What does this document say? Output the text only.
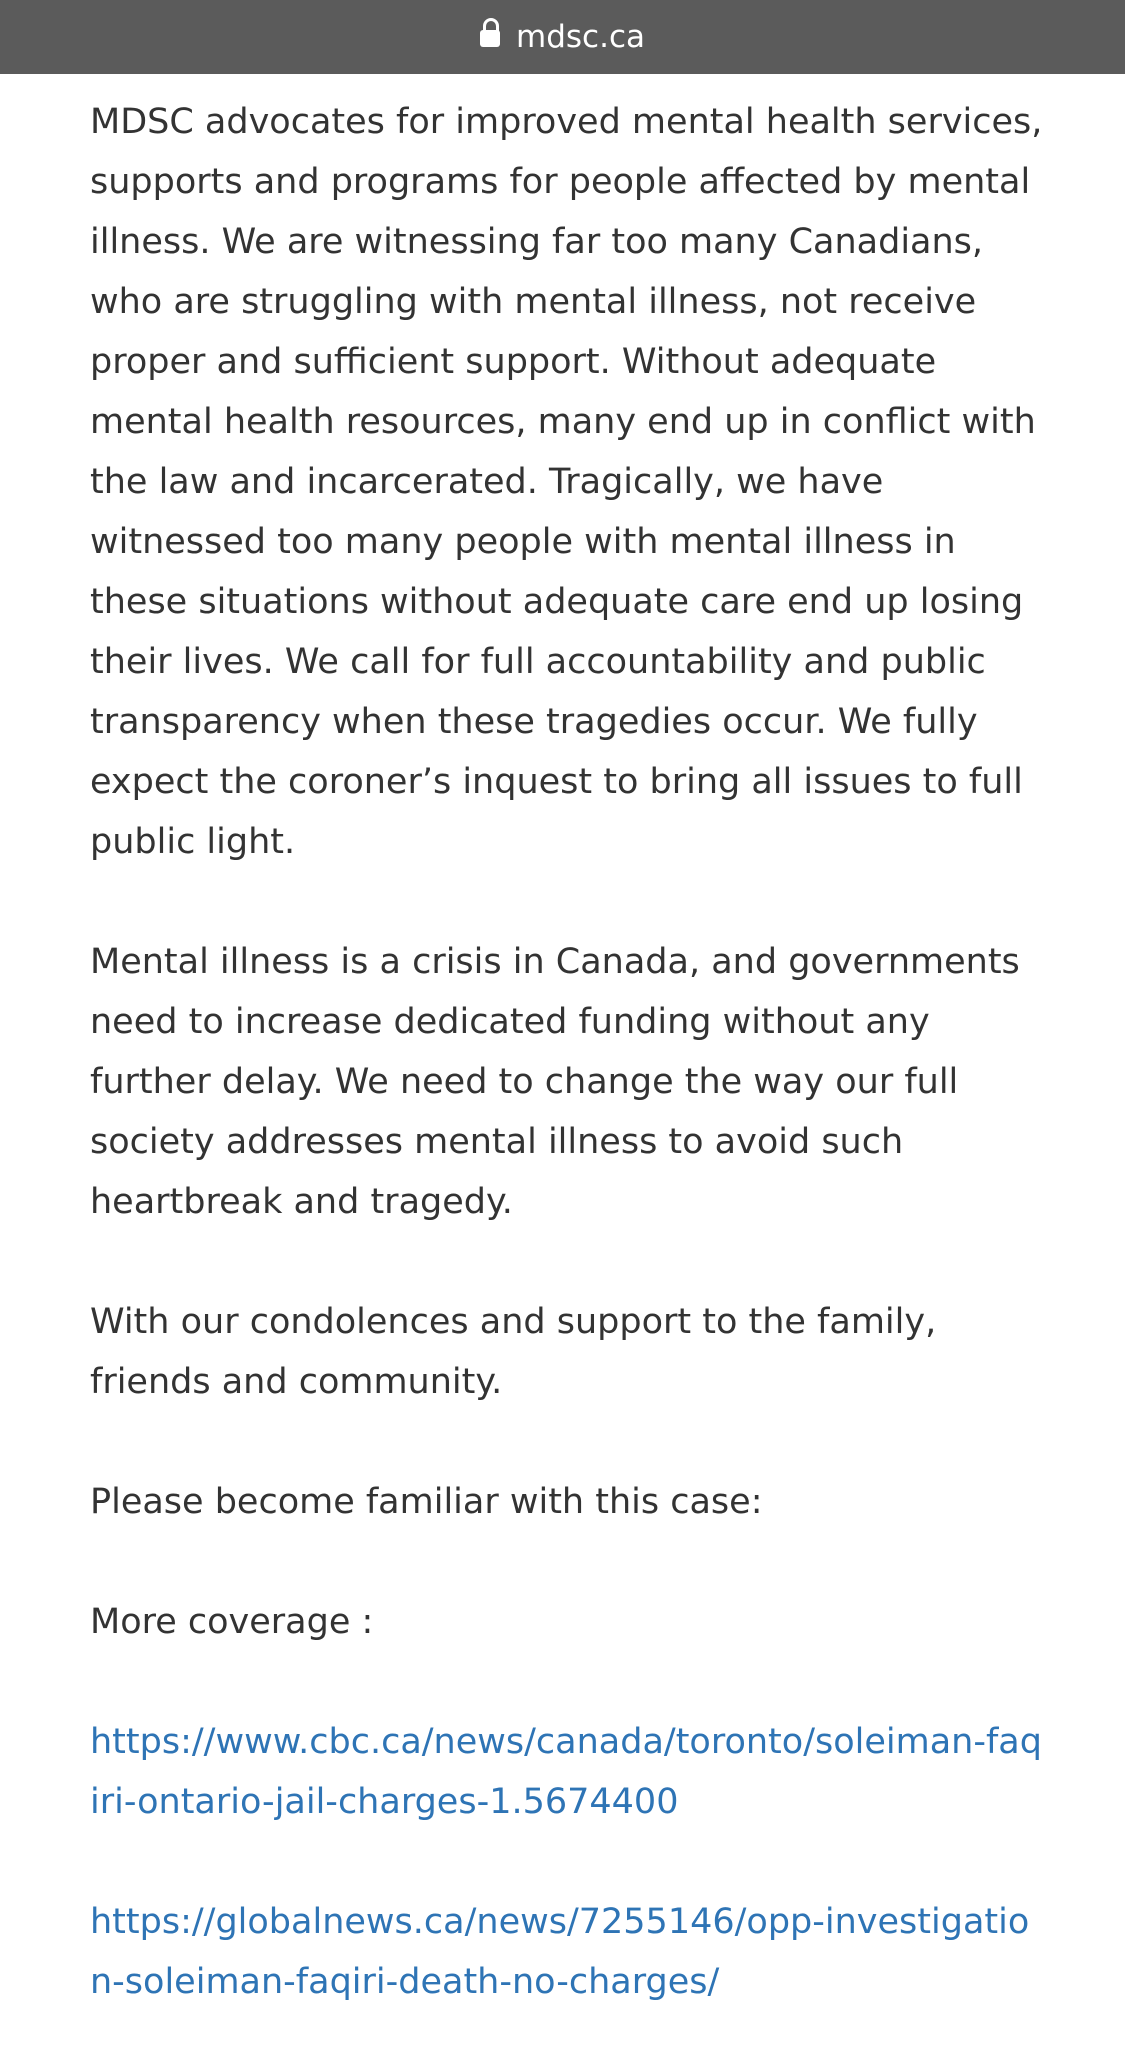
mdsc.ca

MDSC advocates for improved mental health services, supports and programs for people affected by mental illness. We are witnessing far too many Canadians, who are struggling with mental illness, not receive proper and sufficient support. Without adequate mental health resources, many end up in conflict with the law and incarcerated. Tragically, we have witnessed too many people with mental illness in these situations without adequate care end up losing their lives. We call for full accountability and public transparency when these tragedies occur. We fully expect the coroner’s inquest to bring all issues to full public light.

Mental illness is a crisis in Canada, and governments need to increase dedicated funding without any further delay. We need to change the way our full society addresses mental illness to avoid such heartbreak and tragedy.

With our condolences and support to the family, friends and community.

Please become familiar with this case:

More coverage :

https://www.cbc.ca/news/canada/toronto/soleiman-faqiri-ontario-jail-charges-1.5674400

https://globalnews.ca/news/7255146/opp-investigation-soleiman-faqiri-death-no-charges/
